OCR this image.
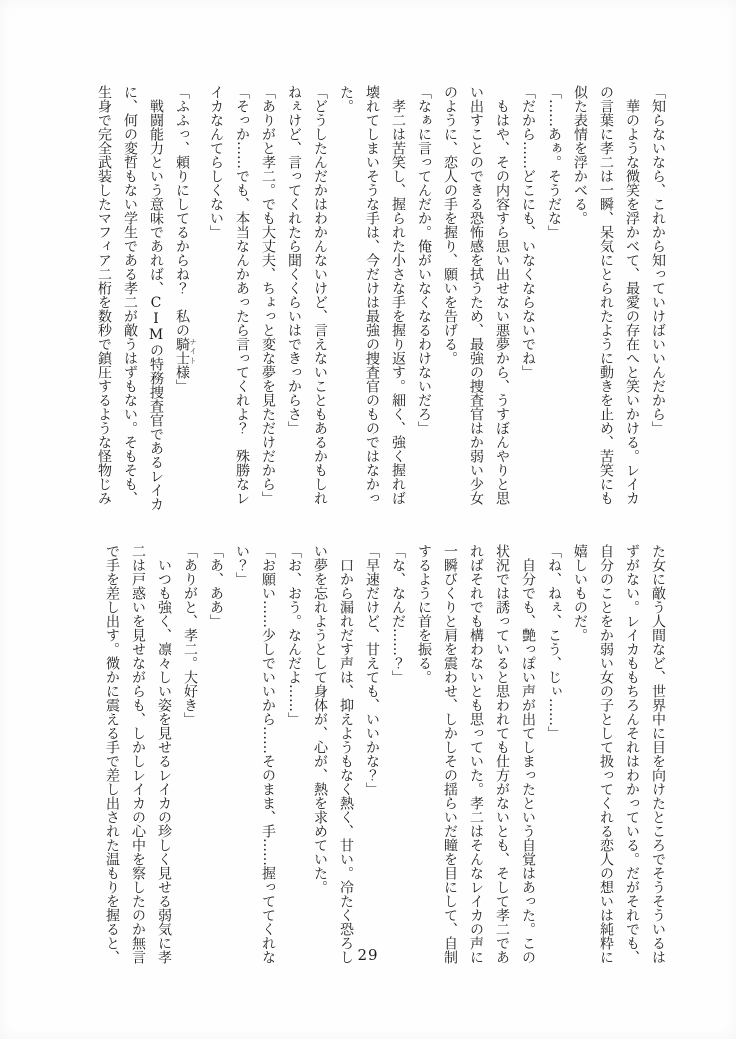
「知らないなら、これから知っていけばいいんだから」
華のような微笑を浮かべて、最愛の存在へと笑いかける。レイカ
の言葉に孝二は一瞬、呆気にとられたように動きを止め、苦笑にも
似た表情を浮かべる。
「……あぁ。そうだな」
「だから……どこにも、いなくならないでね」
もはや、その内容すら思い出せない悪夢から、うすぼんやりと思
い出すことのできる恐怖感を拭うため、最強の捜査官はか弱い少女
のように、恋人の手を握り、願いを告げる。
「なぁに言ってんだか。俺がいなくなるわけないだろ」
孝二は苦笑し、握られた小さな手を握り返す。細く、強く握れば
壊れてしまいそうな手は、今だけは最強の捜査官のものではなかっ
た。
「どうしたんだかはわかんないけど、言えないこともあるかもしれ
ねぇけど、言ってくれたら聞くくらいはできっからさ」
「ありがと孝二。でも大丈夫、ちょっと変な夢を見ただけだから」
「そっか……でも、本当なんかあったら言ってくれよ？　殊勝なレ
イカなんてらしくない」
「ふふっ、頼りにしてるからね？　私の騎士 ナイト様」
戦闘能力という意味であれば、CIMの特務捜査官であるレイカ
に、何の変哲もない学生である孝二が敵うはずもない。そもそも、
生身で完全武装したマフィア二桁を数秒で鎮圧するような怪物じみ
た女に敵う人間など、世界中に目を向けたところでそうそういるは
ずがない。レイカももちろんそれはわかっている。だがそれでも、
自分のことをか弱い女の子として扱ってくれる恋人の想いは純粋に
嬉しいものだ。
「ね、ねぇ、こう、じぃ……」
自分でも、艶っぽい声が出てしまったという自覚はあった。この
状況では誘っていると思われても仕方がないとも、そして孝二であ
ればそれでも構わないとも思っていた。孝二はそんなレイカの声に
一瞬びくりと肩を震わせ、しかしその揺らいだ瞳を目にして、自制
するように首を振る。
「な、なんだ……？」
「早速だけど、甘えても、いいかな？」
口から漏れだす声は、抑えようもなく熱く、甘い。冷たく恐ろし
い夢を忘れようとして身体が、心が、熱を求めていた。
「お、おう。なんだよ……」
「お願い……少しでいいから……そのまま、手……握っててくれな
い？」
「あ、ああ」
「ありがと、孝二。大好き」
いつも強く、凛々しい姿を見せるレイカの珍しく見せる弱気に孝
二は戸惑いを見せながらも、しかしレイカの心中を察したのか無言
で手を差し出す。微かに震える手で差し出された温もりを握ると、	29
